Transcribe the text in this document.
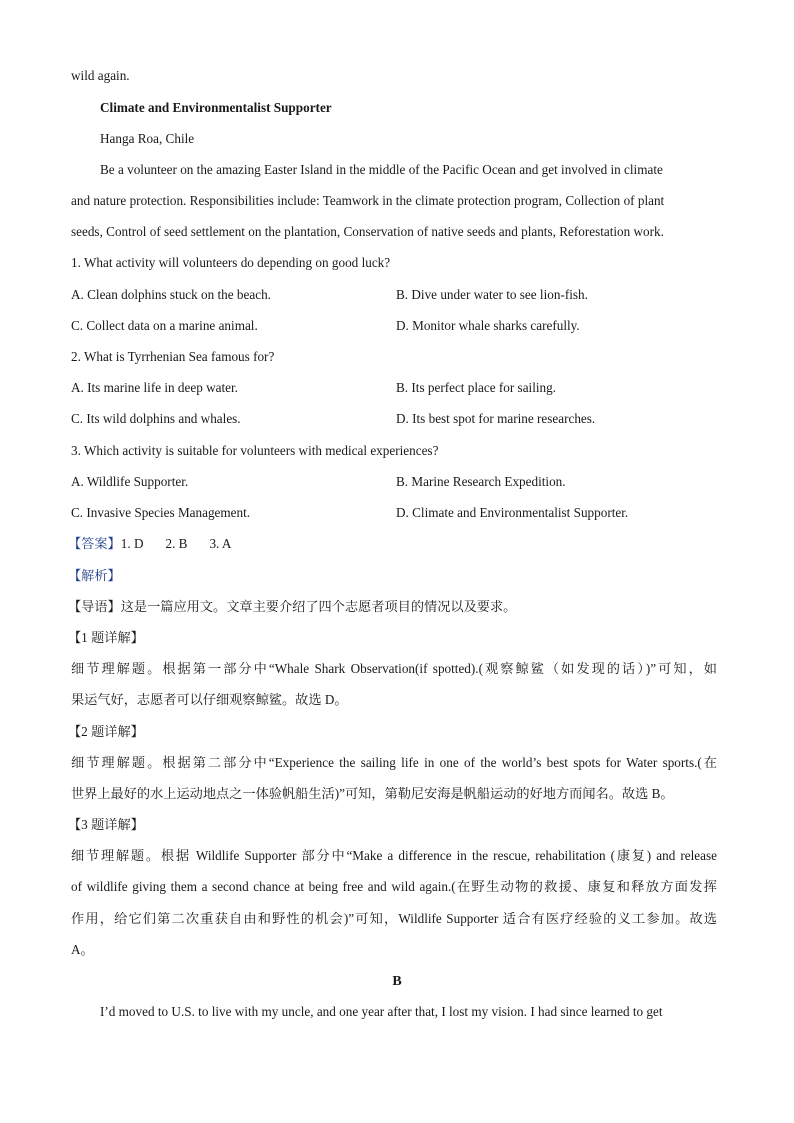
wild again.
Climate and Environmentalist Supporter
Hanga Roa, Chile
Be a volunteer on the amazing Easter Island in the middle of the Pacific Ocean and get involved in climate
and nature protection. Responsibilities include: Teamwork in the climate protection program, Collection of plant
seeds, Control of seed settlement on the plantation, Conservation of native seeds and plants, Reforestation work.
1. What activity will volunteers do depending on good luck?
A. Clean dolphins stuck on the beach.	B. Dive under water to see lion-fish.
C. Collect data on a marine animal.	D. Monitor whale sharks carefully.
2. What is Tyrrhenian Sea famous for?
A. Its marine life in deep water.	B. Its perfect place for sailing.
C. Its wild dolphins and whales.	D. Its best spot for marine researches.
3. Which activity is suitable for volunteers with medical experiences?
A. Wildlife Supporter.	B. Marine Research Expedition.
C. Invasive Species Management.	D. Climate and Environmentalist Supporter.
【答案】1. D 2. B 3. A
【解析】
【导语】这是一篇应用文。文章主要介绍了四个志愿者项目的情况以及要求。
【1 题详解】
细节理解题。根据第一部分中“Whale Shark Observation(if spotted).(观察鲸鲨（如发现的话）)”可知，如
果运气好，志愿者可以仔细观察鲸鲨。故选 D。
【2 题详解】
细节理解题。根据第二部分中“Experience the sailing life in one of the world’s best spots for Water sports.(在
世界上最好的水上运动地点之一体验帆船生活)”可知，第勒尼安海是帆船运动的好地方而闻名。故选 B。
【3 题详解】
细节理解题。根据 Wildlife Supporter 部分中“Make a difference in the rescue, rehabilitation (康复) and release
of wildlife giving them a second chance at being free and wild again.(在野生动物的救援、康复和释放方面发挥
作用，给它们第二次重获自由和野性的机会)”可知，Wildlife Supporter 适合有医疗经验的义工参加。故选
A。
B
I’d moved to U.S. to live with my uncle, and one year after that, I lost my vision. I had since learned to get
